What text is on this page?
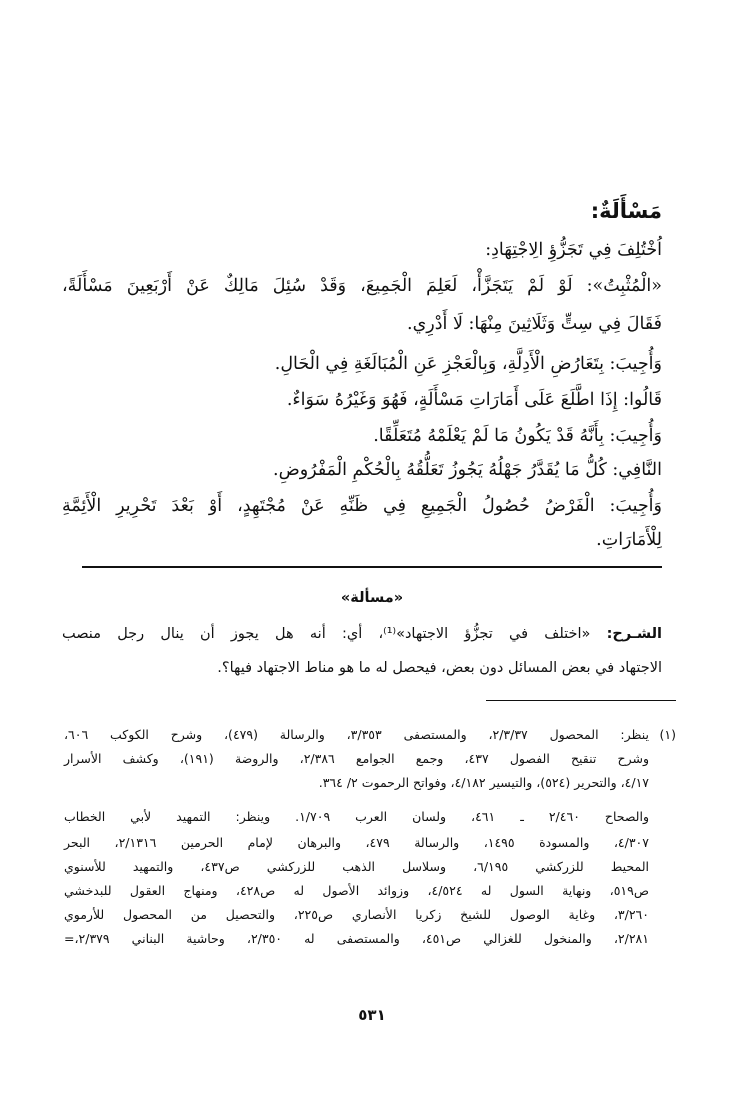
مَسْأَلَةٌ:
اُخْتُلِفَ فِي تَجَزُّؤِ الِاجْتِهَادِ:
«الْمُثْبِتُ»: لَوْ لَمْ يَتَجَزَّأْ، لَعَلِمَ الْجَمِيعَ، وَقَدْ سُئِلَ مَالِكٌ عَنْ أَرْبَعِينَ مَسْأَلَةً،
فَقَالَ فِي سِتٍّ وَثَلَاثِينَ مِنْهَا: لَا أَدْرِي.
وَأُجِيبَ: بِتَعَارُضِ الْأَدِلَّةِ، وَبِالْعَجْزِ عَنِ الْمُبَالَغَةِ فِي الْحَالِ.
قَالُوا: إِذَا اطَّلَعَ عَلَى أَمَارَاتِ مَسْأَلَةٍ، فَهُوَ وَغَيْرُهُ سَوَاءٌ.
وَأُجِيبَ: بِأَنَّهُ قَدْ يَكُونُ مَا لَمْ يَعْلَمْهُ مُتَعَلِّقًا.
النَّافِي: كُلُّ مَا يُقَدَّرُ جَهْلُهُ يَجُوزُ تَعَلُّقُهُ بِالْحُكْمِ الْمَفْرُوضِ.
وَأُجِيبَ: الْفَرْضُ حُصُولُ الْجَمِيعِ فِي ظَنِّهِ عَنْ مُجْتَهِدٍ، أَوْ بَعْدَ تَحْرِيرِ الْأَئِمَّةِ
لِلْأَمَارَاتِ.
«مسألة»
الشـرح: «اختلف في تجزُّؤ الاجتهاد»⁽¹⁾، أي: أنه هل يجوز أن ينال رجل منصب
الاجتهاد في بعض المسائل دون بعض، فيحصل له ما هو مناط الاجتهاد فيها؟.
(١)
ينظر: المحصول ٢/٣/٣٧، والمستصفى ٣/٣٥٣، والرسالة (٤٧٩)، وشرح الكوكب ٦٠٦،
وشرح تنقيح الفصول ٤٣٧، وجمع الجوامع ٢/٣٨٦، والروضة (١٩١)، وكشف الأسرار
٤/١٧، والتحرير (٥٢٤)، والتيسير ٤/١٨٢، وفواتح الرحموت ٢/ ٣٦٤.
والصحاح ٢/٤٦٠ ـ ٤٦١، ولسان العرب ١/٧٠٩. وينظر: التمهيد لأبي الخطاب
٤/٣٠٧، والمسودة ١٤٩٥، والرسالة ٤٧٩، والبرهان لإمام الحرمين ٢/١٣١٦، البحر
المحيط للزركشي ٦/١٩٥، وسلاسل الذهب للزركشي ص٤٣٧، والتمهيد للأسنوي
ص٥١٩، ونهاية السول له ٤/٥٢٤، وزوائد الأصول له ص٤٢٨، ومنهاج العقول للبدخشي
٣/٢٦٠، وغاية الوصول للشيخ زكريا الأنصاري ص٢٢٥، والتحصيل من المحصول للأرموي
٢/٢٨١، والمنخول للغزالي ص٤٥١، والمستصفى له ٢/٣٥٠، وحاشية البناني ٢/٣٧٩،=
٥٣١
